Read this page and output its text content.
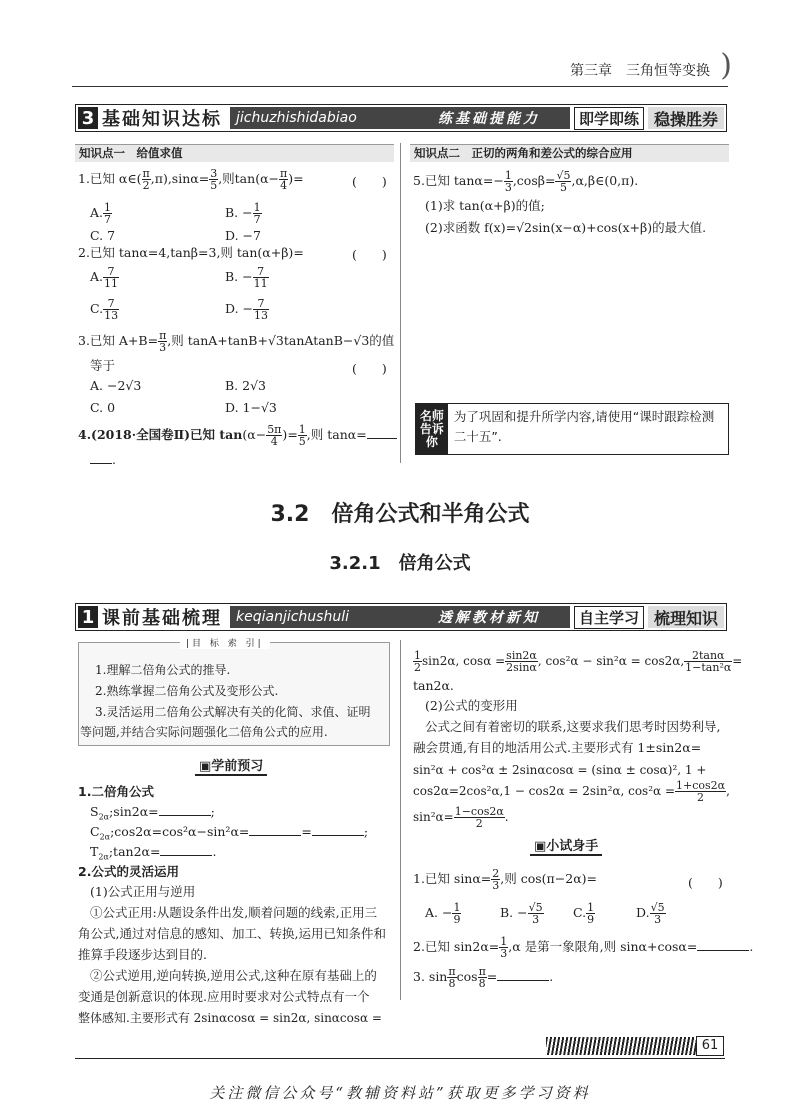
第三章　三角恒等变换 )
3 基础知识达标 jichuzhishidabiao	练基础提能力	即学即练 稳操胜券
知识点一　给值求值
1.已知 α∈( $\frac{\pi}{2} ,\pi),\sin\alpha= \frac{3}{5}$ ,则$\tan(\alpha- \frac{\pi}{4}$ )=	(　　)
A. $\frac{1}{7}$	B. − $\frac{1}{7}$
C. 7	D. −7
2.已知 tanα=4,tanβ=3,则 tan(α+β)=	(　　)
A. $\frac{7}{11}$	B. − $\frac{7}{11}$
C. $\frac{7}{13}$	D. − $\frac{7}{13}$
3.已知 $A+B= \frac{\pi}{3}$ ,则 tanA+tanB+√3tanAtanB−√3的值
等于	(　　)
A. −2√3	B. 2√3
C. 0	D. 1−√3
4.(2018·全国卷Ⅱ)已知 $\tan(\alpha- \frac{5\pi}{4}$ )= $\frac{1}{5}$ ,则 tanα=
.
知识点二　正切的两角和差公式的综合应用
5.已知 $\tan\alpha=- \frac{1}{3} ,\cos\beta= \frac{√5}{5}$ ,α,β∈(0,π).
(1)求 tan(α+β)的值;
(2)求函数 f(x)=√2sin(x−α)+cos(x+β)的最大值.
名师告诉你
为了巩固和提升所学内容,请使用“课时跟踪检测二十五”.
3.2　倍角公式和半角公式
3.2.1　倍角公式
1 课前基础梳理 keqianjichushuli	透解教材新知	自主学习 梳理知识
|目 标 索 引|
1.理解二倍角公式的推导.
2.熟练掌握二倍角公式及变形公式.
3.灵活运用二倍角公式解决有关的化简、求值、证明
等问题,并结合实际问题强化二倍角公式的应用.
▣学前预习
1.二倍角公式
$S_{2\alpha};\sin 2\alpha=$	;
$C_{2\alpha};\cos 2\alpha=\cos^2\alpha-\sin^2\alpha=$	=	;
$T_{2\alpha};\tan 2\alpha=$	.
2.公式的灵活运用
(1)公式正用与逆用
①公式正用:从题设条件出发,顺着问题的线索,正用三
角公式,通过对信息的感知、加工、转换,运用已知条件和
推算手段逐步达到目的.
②公式逆用,逆向转换,逆用公式,这种在原有基础上的
变通是创新意识的体现.应用时要求对公式特点有一个
整体感知.主要形式有 2sinαcosα = sin2α, sinαcosα =
$\frac{1}{2} \sin 2\alpha$, $\cos\alpha = \frac{\sin 2\alpha}{2\sin\alpha}$ , cos²α − sin²α = cos2α, $\frac{2\tan\alpha}{\text{1−tan²α}}$ =
tan2α.
(2)公式的变形用
公式之间有着密切的联系,这要求我们思考时因势利导,
融会贯通,有目的地活用公式.主要形式有 1±sin2α=
sin²α + cos²α ± 2sinαcosα = (sinα ± cosα)², 1 +
cos2α=2cos²α,1 − cos2α = 2sin²α, $\cos^2\alpha = \frac{1+\cos 2\alpha}{2}$ ,
$\sin^2\alpha= \frac{1-\cos 2\alpha}{2}$ .
▣小试身手
1.已知 $\sin\alpha= \frac{2}{3}$ ,则 cos(π−2α)=	(　　)
A. − $\frac{1}{9}$	B. − $\frac{√5}{3} C$. $\frac{1}{9}$	D. $\frac{√5}{3}$
2.已知 $\sin 2\alpha= \frac{1}{3} ,\alpha$ 是第一象限角,则 sinα+cosα=	.
3. $\sin \frac{\pi}{8}$ $\cos \frac{\pi}{8}$ =	.
61
关注微信公众号“教辅资料站”获取更多学习资料
